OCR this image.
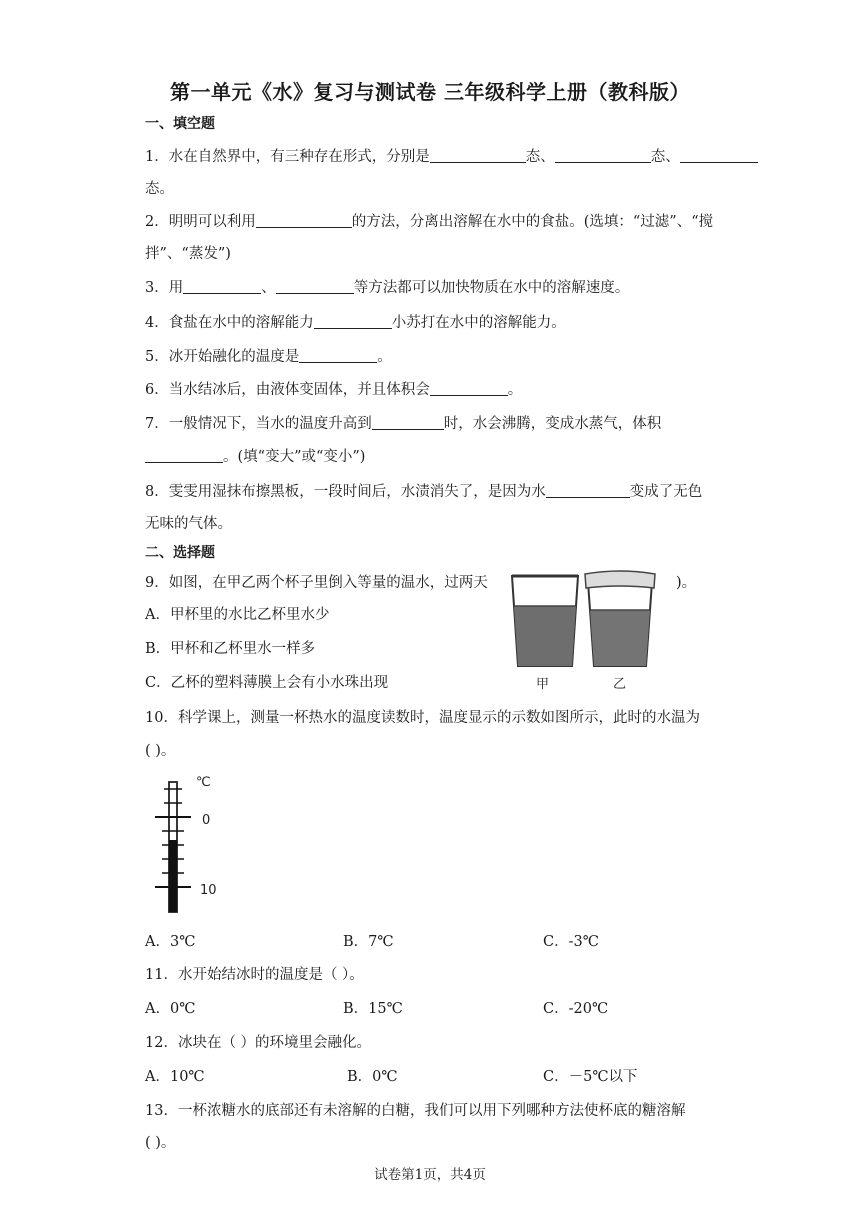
第一单元《水》复习与测试卷 三年级科学上册（教科版）
一、填空题
1．水在自然界中，有三种存在形式，分别是	态、	态、
态。
2．明明可以利用	的方法，分离出溶解在水中的食盐。(选填：“过滤”、“搅
拌”、“蒸发”)
3．用	、	等方法都可以加快物质在水中的溶解速度。
4．食盐在水中的溶解能力	小苏打在水中的溶解能力。
5．冰开始融化的温度是	。
6．当水结冰后，由液体变固体，并且体积会	。
7．一般情况下，当水的温度升高到	时，水会沸腾，变成水蒸气，体积
。(填“变大”或“变小”)
8．雯雯用湿抹布擦黑板，一段时间后，水渍消失了，是因为水	变成了无色
无味的气体。
二、选择题
9．如图，在甲乙两个杯子里倒入等量的温水，过两天	)。
A．甲杯里的水比乙杯里水少
B．甲杯和乙杯里水一样多
C．乙杯的塑料薄膜上会有小水珠出现	甲	乙
10．科学课上，测量一杯热水的温度读数时，温度显示的示数如图所示，此时的水温为
( )。
℃
0
10
A．3℃	B．7℃	C．-3℃
11．水开始结冰时的温度是（ ）。
A．0℃	B．15℃	C．-20℃
12．冰块在（ ）的环境里会融化。
A．10℃	B．0℃	C．－5℃以下
13．一杯浓糖水的底部还有未溶解的白糖，我们可以用下列哪种方法使杯底的糖溶解
( )。
试卷第1页，共4页
